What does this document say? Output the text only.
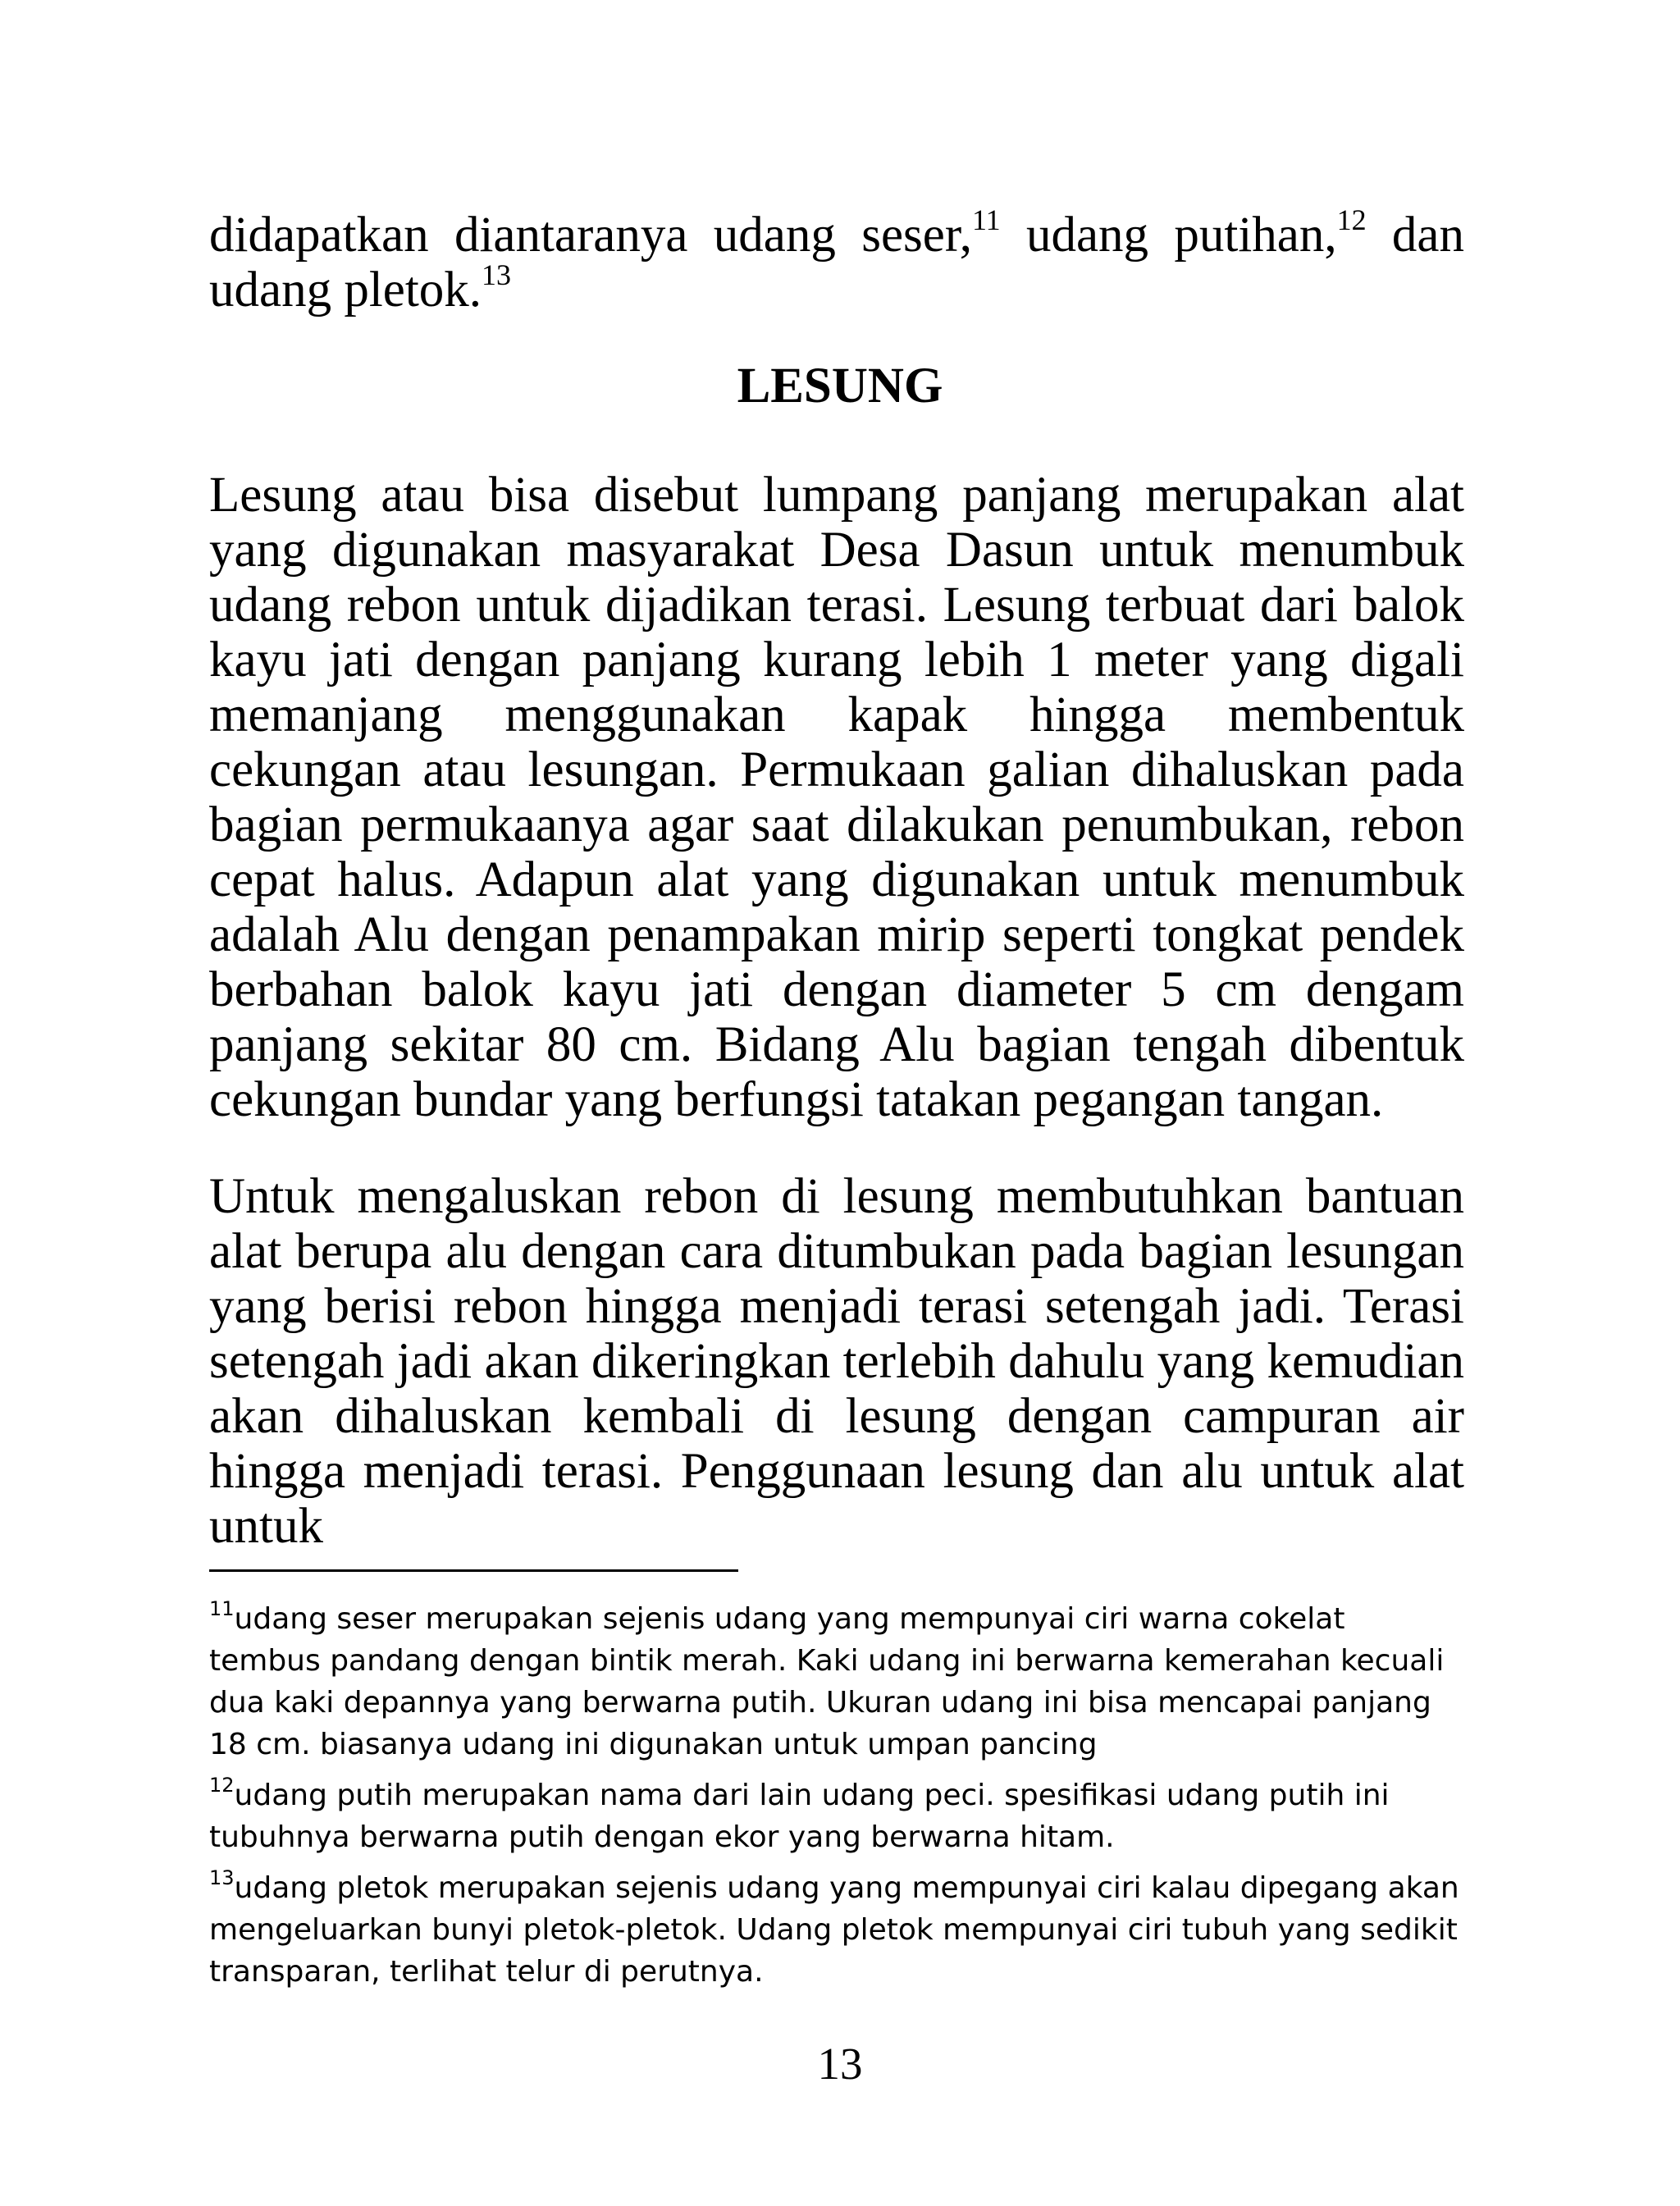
didapatkan diantaranya udang seser,$^{11}$ udang putihan,$^{12}$ dan udang pletok.$^{13}$

LESUNG

Lesung atau bisa disebut lumpang panjang merupakan alat yang digunakan masyarakat Desa Dasun untuk menumbuk udang rebon untuk dijadikan terasi. Lesung terbuat dari balok kayu jati dengan panjang kurang lebih 1 meter yang digali memanjang menggunakan kapak hingga membentuk cekungan atau lesungan. Permukaan galian dihaluskan pada bagian permukaanya agar saat dilakukan penumbukan, rebon cepat halus. Adapun alat yang digunakan untuk menumbuk adalah Alu dengan penampakan mirip seperti tongkat pendek berbahan balok kayu jati dengan diameter 5 cm dengam panjang sekitar 80 cm. Bidang Alu bagian tengah dibentuk cekungan bundar yang berfungsi tatakan pegangan tangan.

Untuk mengaluskan rebon di lesung membutuhkan bantuan alat berupa alu dengan cara ditumbukan pada bagian lesungan yang berisi rebon hingga menjadi terasi setengah jadi. Terasi setengah jadi akan dikeringkan terlebih dahulu yang kemudian akan dihaluskan kembali di lesung dengan campuran air hingga menjadi terasi. Penggunaan lesung dan alu untuk alat untuk

$^{11}$udang seser merupakan sejenis udang yang mempunyai ciri warna cokelat tembus pandang dengan bintik merah. Kaki udang ini berwarna kemerahan kecuali dua kaki depannya yang berwarna putih. Ukuran udang ini bisa mencapai panjang 18 cm. biasanya udang ini digunakan untuk umpan pancing

$^{12}$udang putih merupakan nama dari lain udang peci. spesifikasi udang putih ini tubuhnya berwarna putih dengan ekor yang berwarna hitam.

$^{13}$udang pletok merupakan sejenis udang yang mempunyai ciri kalau dipegang akan mengeluarkan bunyi pletok-pletok. Udang pletok mempunyai ciri tubuh yang sedikit transparan, terlihat telur di perutnya.

13
